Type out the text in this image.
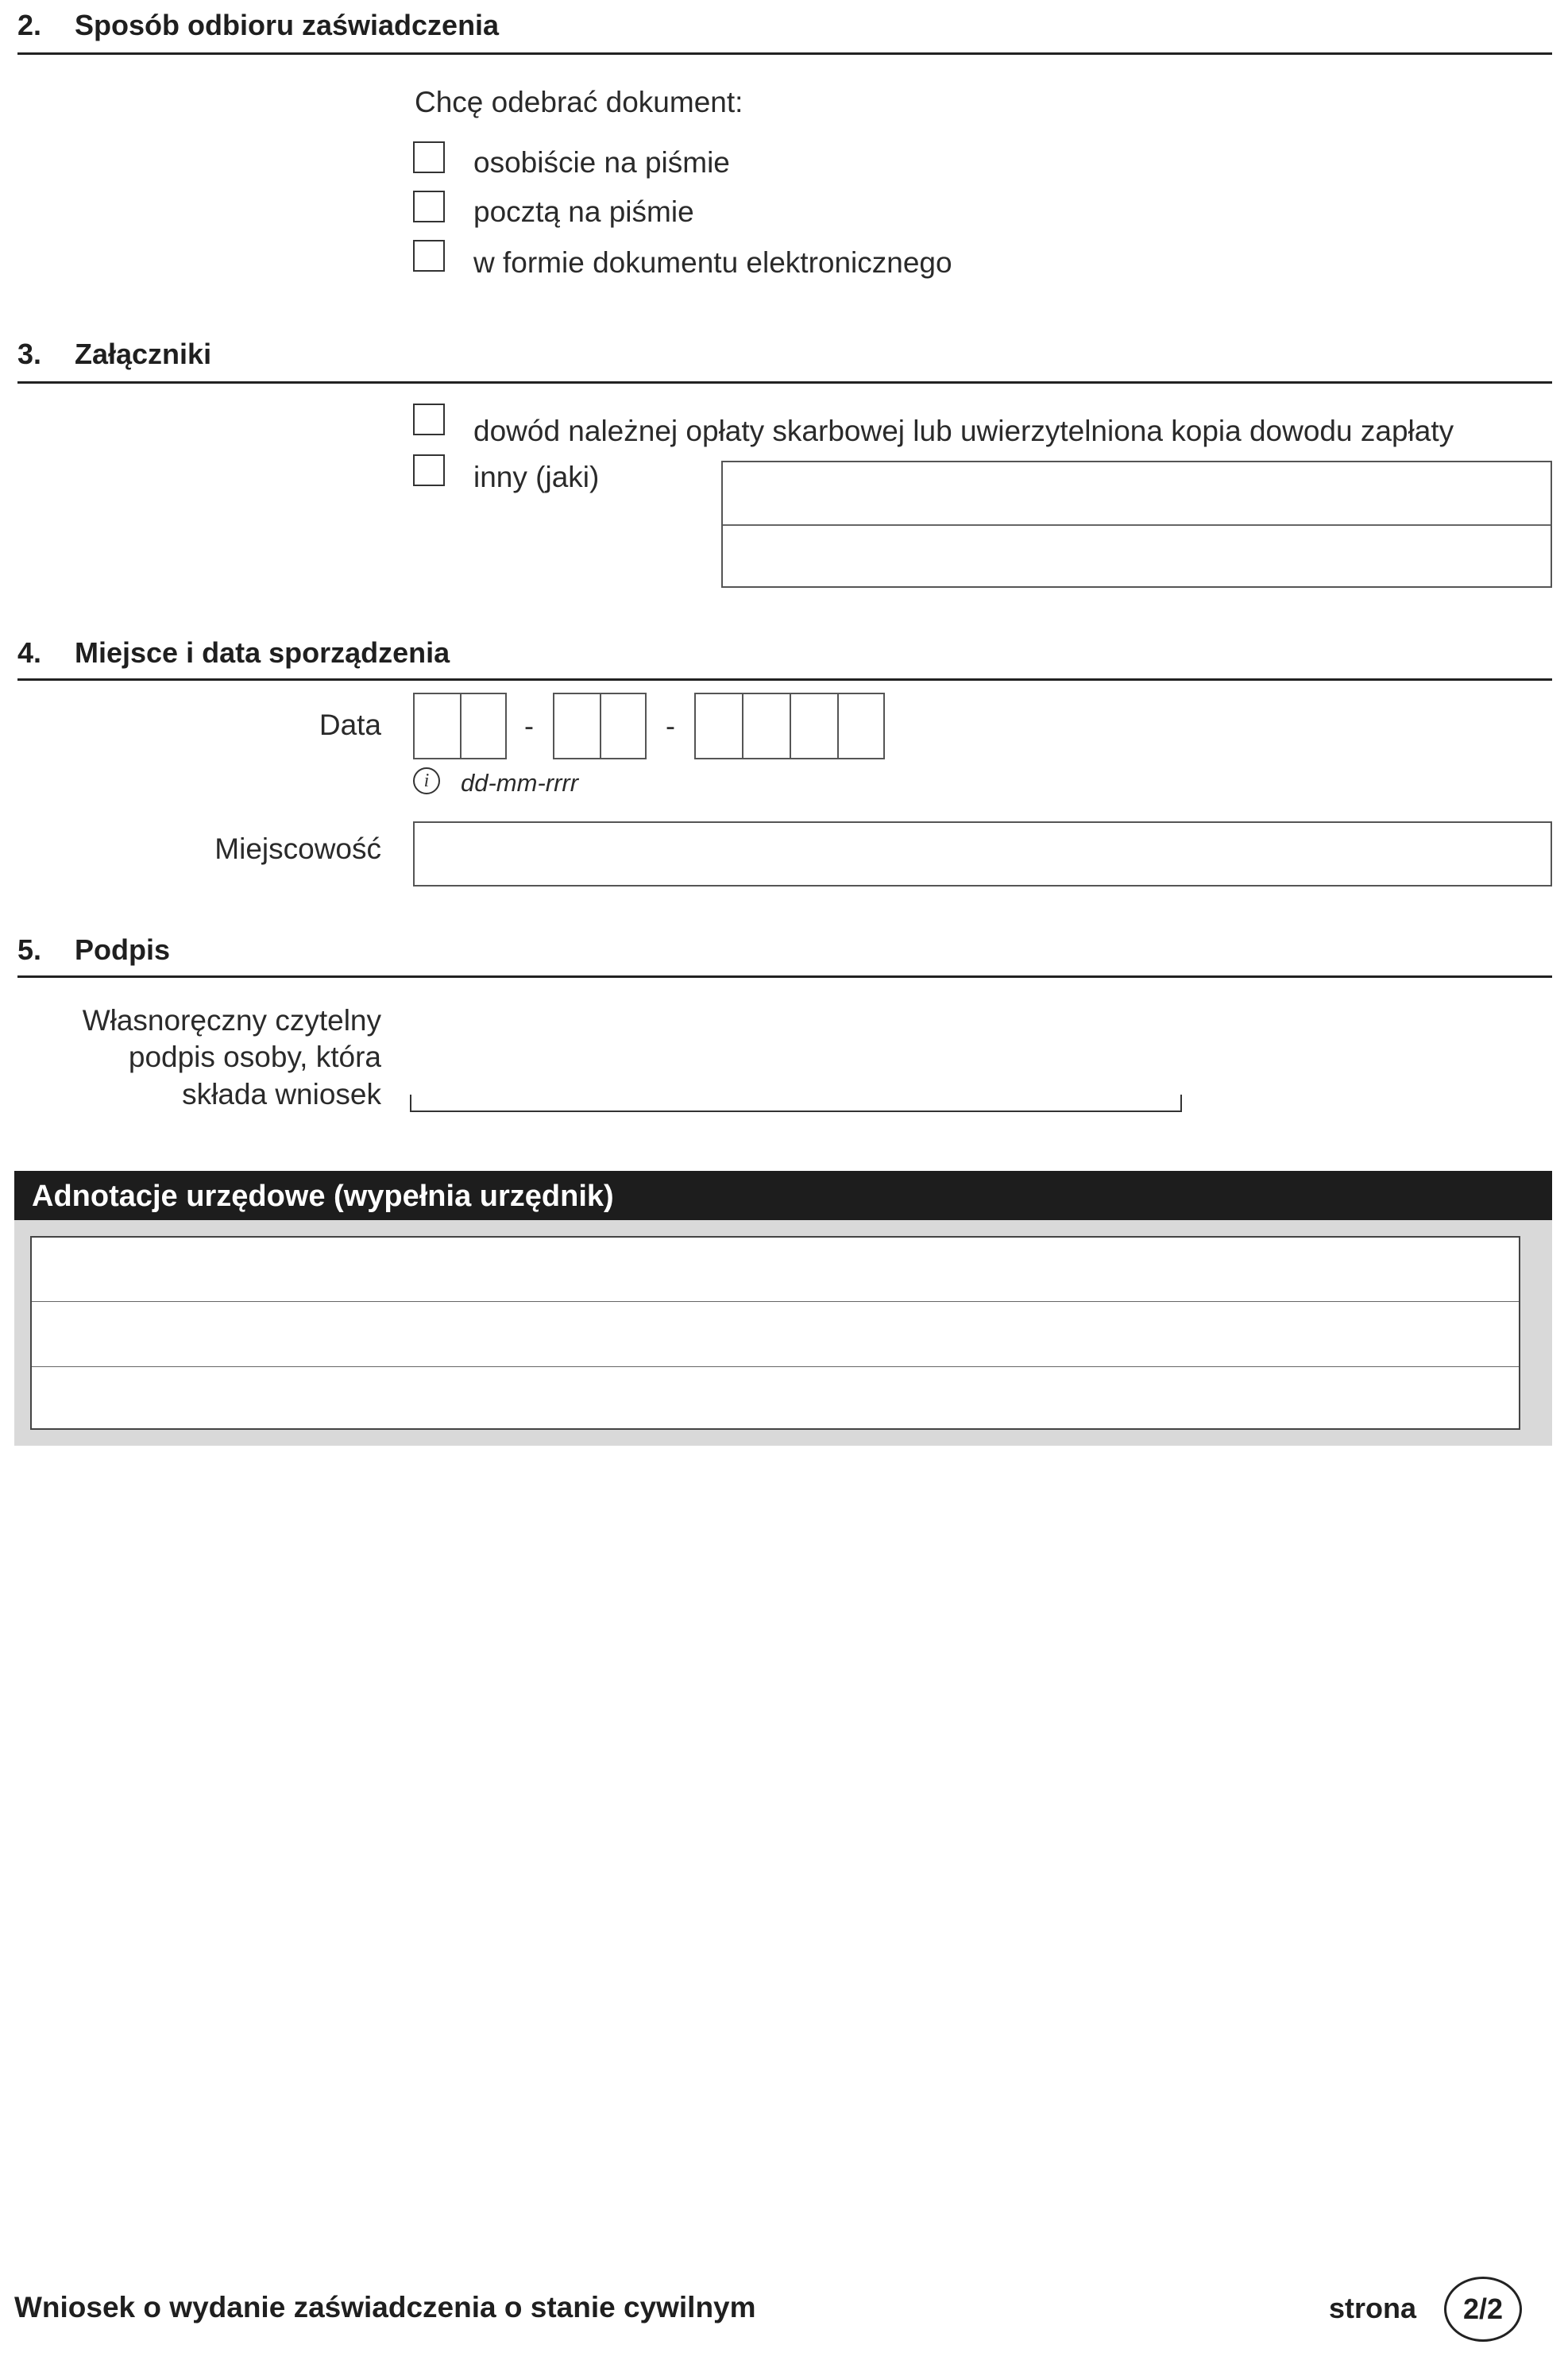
2. Sposób odbioru zaświadczenia
Chcę odebrać dokument:
osobiście na piśmie
pocztą na piśmie
w formie dokumentu elektronicznego
3. Załączniki
dowód należnej opłaty skarbowej lub uwierzytelniona kopia dowodu zapłaty
inny (jaki)
4. Miejsce i data sporządzenia
Data	-	-
i	dd-mm-rrrr
Miejscowość
5. Podpis
Własnoręczny czytelny
podpis osoby, która
składa wniosek
Adnotacje urzędowe (wypełnia urzędnik)
Wniosek o wydanie zaświadczenia o stanie cywilnym	strona	2/2
